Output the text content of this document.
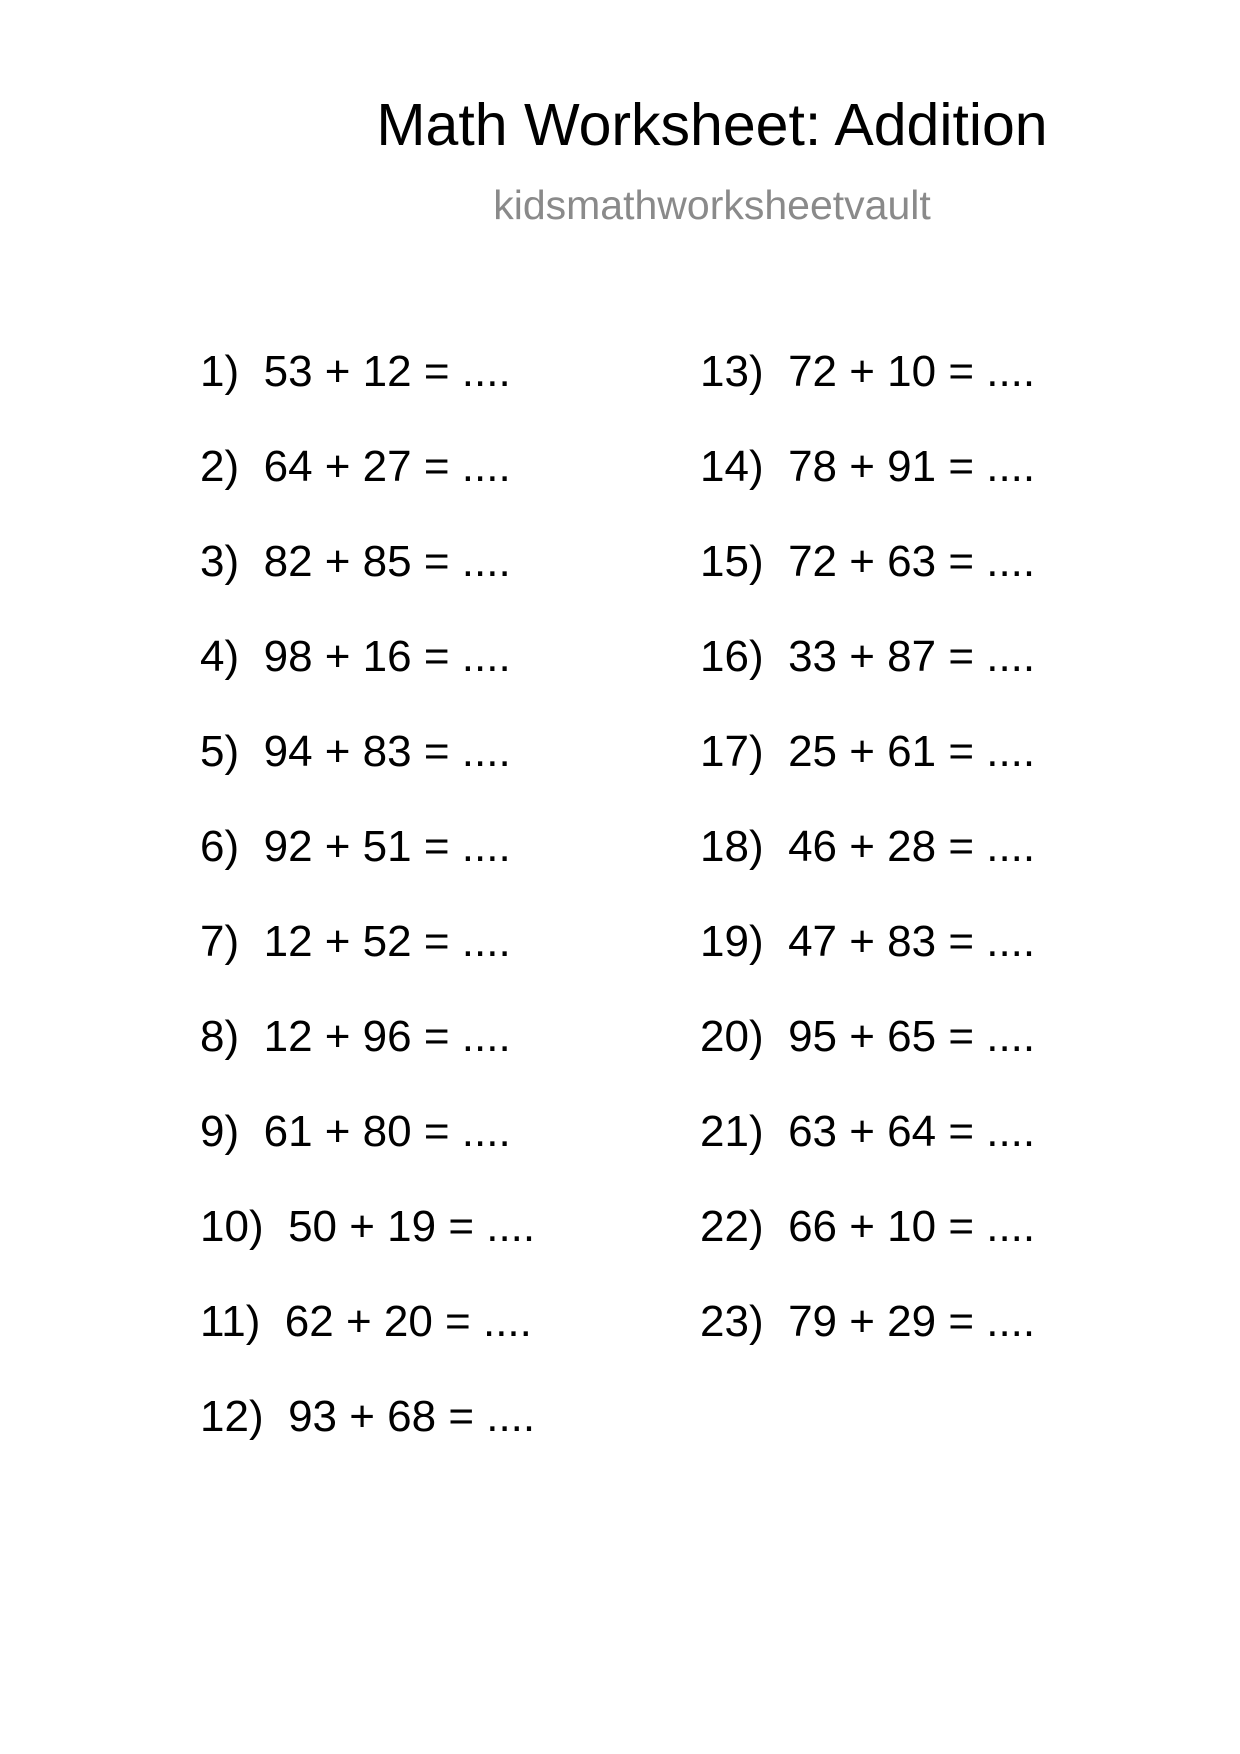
Math Worksheet: Addition
kidsmathworksheetvault
1 ) 53 + 12 = ....
2 ) 64 + 27 = ....
3 ) 82 + 85 = ....
4 ) 98 + 16 = ....
5 ) 94 + 83 = ....
6 ) 92 + 51 = ....
7 ) 12 + 52 = ....
8 ) 12 + 96 = ....
9 ) 61 + 80 = ....
10 ) 50 + 19 = ....
11 ) 62 + 20 = ....
12 ) 93 + 68 = ....
13 ) 72 + 10 = ....
14 ) 78 + 91 = ....
15 ) 72 + 63 = ....
16 ) 33 + 87 = ....
17 ) 25 + 61 = ....
18 ) 46 + 28 = ....
19 ) 47 + 83 = ....
20 ) 95 + 65 = ....
21 ) 63 + 64 = ....
22 ) 66 + 10 = ....
23 ) 79 + 29 = ....
